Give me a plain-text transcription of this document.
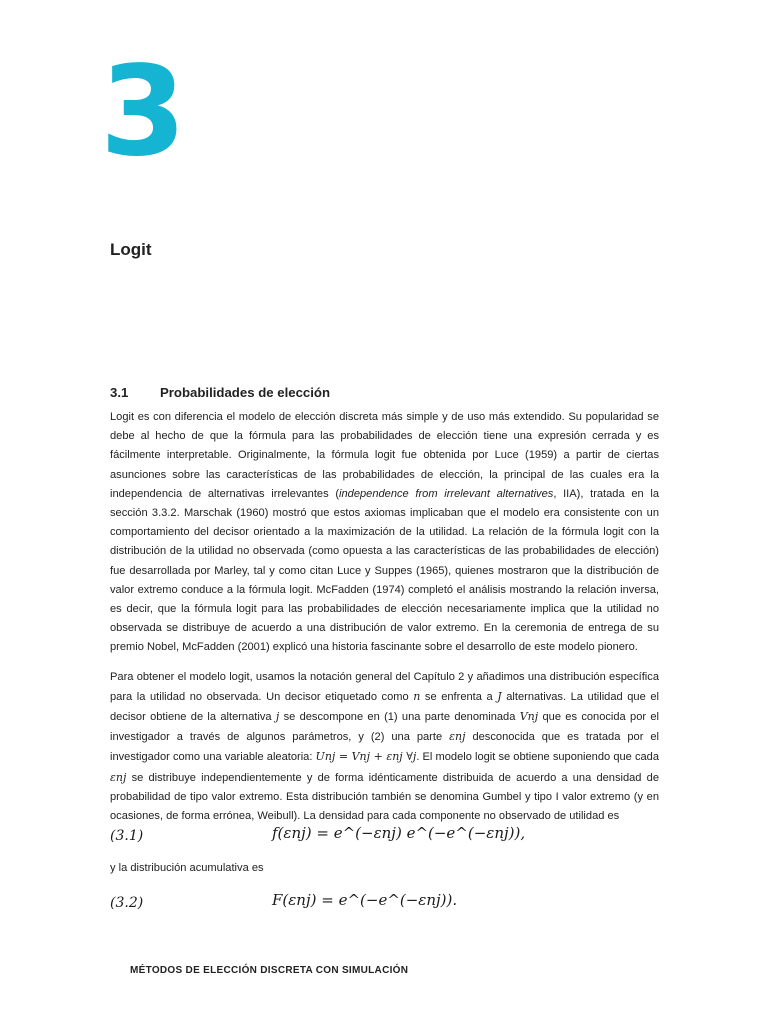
3
Logit
3.1 Probabilidades de elección

Logit es con diferencia el modelo de elección discreta más simple y de uso más extendido. Su popularidad se debe al hecho de que la fórmula para las probabilidades de elección tiene una expresión cerrada y es fácilmente interpretable. Originalmente, la fórmula logit fue obtenida por Luce (1959) a partir de ciertas asunciones sobre las características de las probabilidades de elección, la principal de las cuales era la independencia de alternativas irrelevantes (independence from irrelevant alternatives, IIA), tratada en la sección 3.3.2. Marschak (1960) mostró que estos axiomas implicaban que el modelo era consistente con un comportamiento del decisor orientado a la maximización de la utilidad. La relación de la fórmula logit con la distribución de la utilidad no observada (como opuesta a las características de las probabilidades de elección) fue desarrollada por Marley, tal y como citan Luce y Suppes (1965), quienes mostraron que la distribución de valor extremo conduce a la fórmula logit. McFadden (1974) completó el análisis mostrando la relación inversa, es decir, que la fórmula logit para las probabilidades de elección necesariamente implica que la utilidad no observada se distribuye de acuerdo a una distribución de valor extremo. En la ceremonia de entrega de su premio Nobel, McFadden (2001) explicó una historia fascinante sobre el desarrollo de este modelo pionero.

Para obtener el modelo logit, usamos la notación general del Capítulo 2 y añadimos una distribución específica para la utilidad no observada. Un decisor etiquetado como n se enfrenta a J alternativas. La utilidad que el decisor obtiene de la alternativa j se descompone en (1) una parte denominada Vnj que es conocida por el investigador a través de algunos parámetros, y (2) una parte εnj desconocida que es tratada por el investigador como una variable aleatoria: Unj = Vnj + εnj ∀j. El modelo logit se obtiene suponiendo que cada εnj se distribuye independientemente y de forma idénticamente distribuida de acuerdo a una densidad de probabilidad de tipo valor extremo. Esta distribución también se denomina Gumbel y tipo I valor extremo (y en ocasiones, de forma errónea, Weibull). La densidad para cada componente no observado de utilidad es

(3.1)	f(εnj) = e^(−εnj) e^(−e^(−εnj)),
y la distribución acumulativa es
(3.2)	F(εnj) = e^(−e^(−εnj)).
MÉTODOS DE ELECCIÓN DISCRETA CON SIMULACIÓN
